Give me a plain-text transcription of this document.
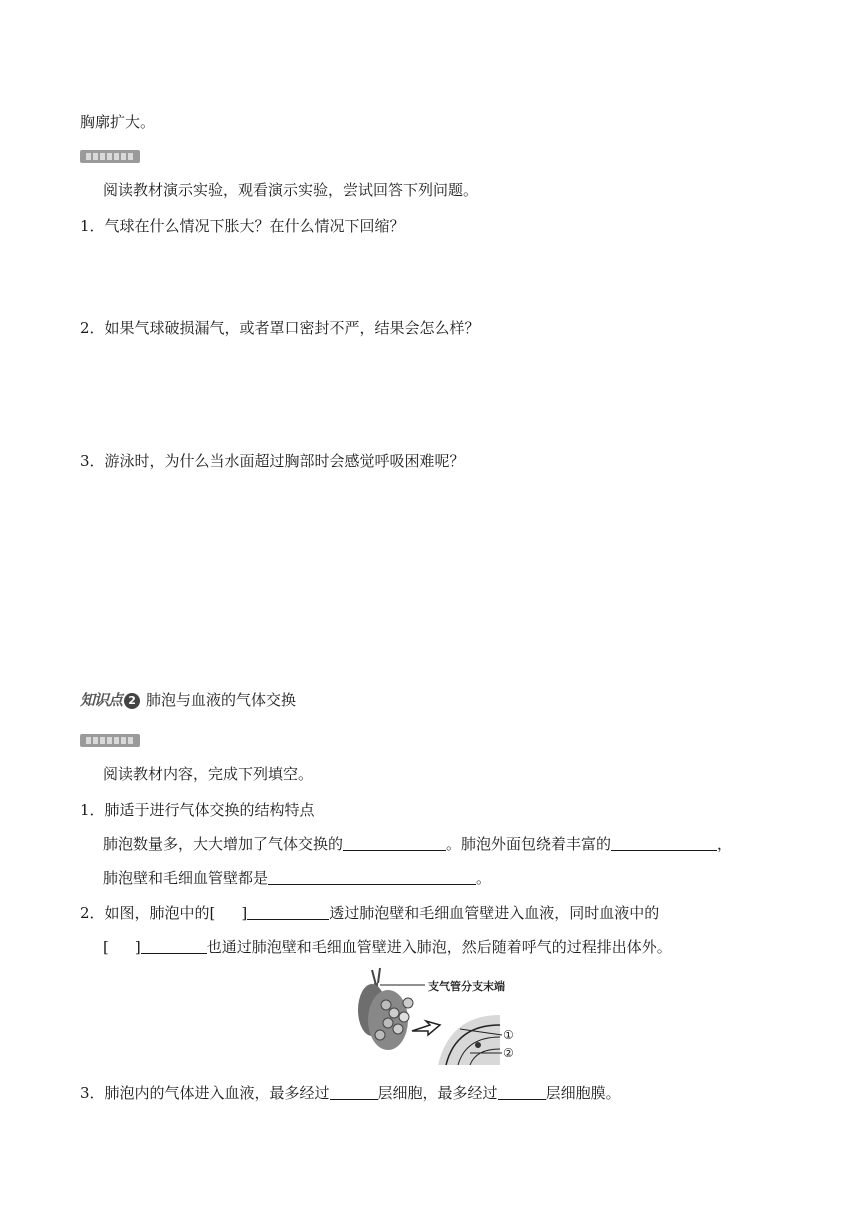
胸廓扩大。
阅读教材演示实验，观看演示实验，尝试回答下列问题。
1．气球在什么情况下胀大？在什么情况下回缩？
2．如果气球破损漏气，或者罩口密封不严，结果会怎么样？
3．游泳时，为什么当水面超过胸部时会感觉呼吸困难呢？
知识点 2 肺泡与血液的气体交换
阅读教材内容，完成下列填空。
1．肺适于进行气体交换的结构特点
肺泡数量多，大大增加了气体交换的	。肺泡外面包绕着丰富的	，
肺泡壁和毛细血管壁都是	。
2．如图，肺泡中的[ ]	透过肺泡壁和毛细血管壁进入血液，同时血液中的
[ ]	也通过肺泡壁和毛细血管壁进入肺泡，然后随着呼气的过程排出体外。
支气管分支末端
①
②
3．肺泡内的气体进入血液，最多经过	层细胞，最多经过	层细胞膜。
